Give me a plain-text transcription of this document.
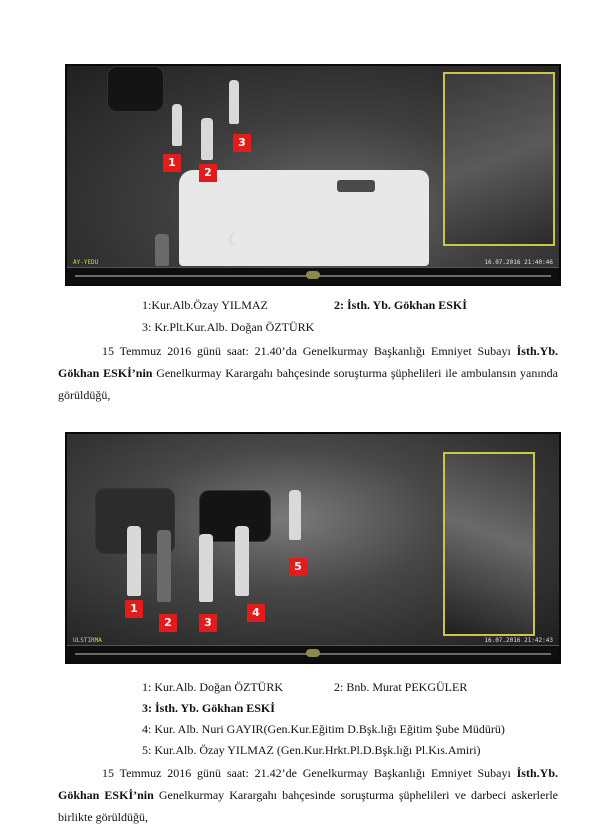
☾
1
2
3
AY-YEDU	16.07.2016 21:40:46
1:Kur.Alb.Özay YILMAZ	2: İsth. Yb. Gökhan ESKİ
3: Kr.Plt.Kur.Alb. Doğan ÖZTÜRK
15 Temmuz 2016 günü saat: 21.40’da Genelkurmay Başkanlığı Emniyet Subayı İsth.Yb. Gökhan ESKİ’nin Genelkurmay Karargahı bahçesinde soruşturma şüphelileri ile ambulansın yanında görüldüğü,
1
2	3
4
5
ULSTIRMA	16.07.2016 21:42:43
1: Kur.Alb. Doğan ÖZTÜRK	2: Bnb. Murat PEKGÜLER
3: İsth. Yb. Gökhan ESKİ
4: Kur. Alb. Nuri GAYIR(Gen.Kur.Eğitim D.Bşk.lığı Eğitim Şube Müdürü)
5: Kur.Alb. Özay YILMAZ (Gen.Kur.Hrkt.Pl.D.Bşk.lığı Pl.Kıs.Amiri)
15 Temmuz 2016 günü saat: 21.42’de Genelkurmay Başkanlığı Emniyet Subayı İsth.Yb. Gökhan ESKİ’nin Genelkurmay Karargahı bahçesinde soruşturma şüphelileri ve darbeci askerlerle birlikte görüldüğü,
